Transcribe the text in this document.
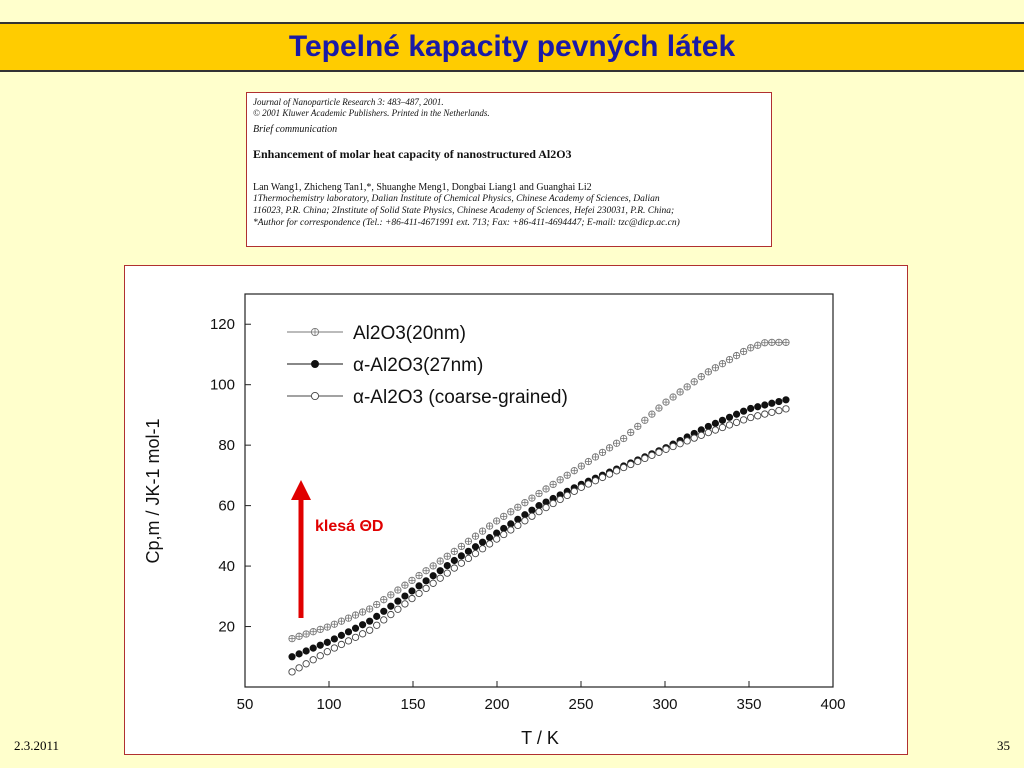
Tepelné kapacity pevných látek
Journal of Nanoparticle Research 3: 483–487, 2001.
© 2001 Kluwer Academic Publishers. Printed in the Netherlands.
Brief communication
Enhancement of molar heat capacity of nanostructured Al2O3
Lan Wang1, Zhicheng Tan1,*, Shuanghe Meng1, Dongbai Liang1 and Guanghai Li2
1Thermochemistry laboratory, Dalian Institute of Chemical Physics, Chinese Academy of Sciences, Dalian
116023, P.R. China; 2Institute of Solid State Physics, Chinese Academy of Sciences, Hefei 230031, P.R. China;
*Author for correspondence (Tel.: +86-411-4671991 ext. 713; Fax: +86-411-4694447; E-mail: tzc@dicp.ac.cn)
50	100	150	200	250	300	350	400
20
40
60
80
100
120	Al2O3(20nm)
α-Al2O3(27nm)
α-Al2O3 (coarse-grained)
Cp,m / JK-1 mol-1
T / K
klesá ΘD
2.3.2011	35
